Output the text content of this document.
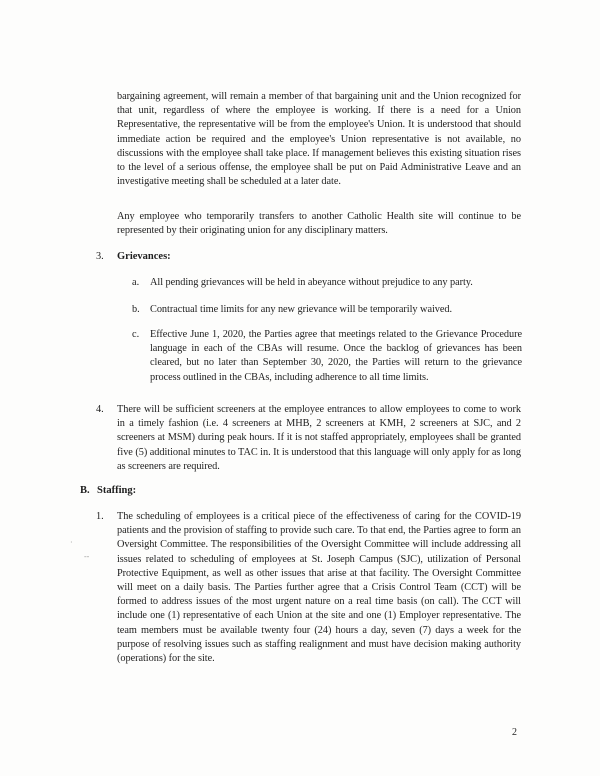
bargaining agreement, will remain a member of that bargaining unit and the Union recognized for that unit, regardless of where the employee is working. If there is a need for a Union Representative, the representative will be from the employee's Union. It is understood that should immediate action be required and the employee's Union representative is not available, no discussions with the employee shall take place. If management believes this existing situation rises to the level of a serious offense, the employee shall be put on Paid Administrative Leave and an investigative meeting shall be scheduled at a later date.
Any employee who temporarily transfers to another Catholic Health site will continue to be represented by their originating union for any disciplinary matters.
3. Grievances:
a. All pending grievances will be held in abeyance without prejudice to any party.
b. Contractual time limits for any new grievance will be temporarily waived.
c. Effective June 1, 2020, the Parties agree that meetings related to the Grievance Procedure language in each of the CBAs will resume. Once the backlog of grievances has been cleared, but no later than September 30, 2020, the Parties will return to the grievance process outlined in the CBAs, including adherence to all time limits.
4. There will be sufficient screeners at the employee entrances to allow employees to come to work in a timely fashion (i.e. 4 screeners at MHB, 2 screeners at KMH, 2 screeners at SJC, and 2 screeners at MSM) during peak hours. If it is not staffed appropriately, employees shall be granted five (5) additional minutes to TAC in. It is understood that this language will only apply for as long as screeners are required.
B. Staffing:
1. The scheduling of employees is a critical piece of the effectiveness of caring for the COVID-19 patients and the provision of staffing to provide such care. To that end, the Parties agree to form an Oversight Committee. The responsibilities of the Oversight Committee will include addressing all issues related to scheduling of employees at St. Joseph Campus (SJC), utilization of Personal Protective Equipment, as well as other issues that arise at that facility. The Oversight Committee will meet on a daily basis. The Parties further agree that a Crisis Control Team (CCT) will be formed to address issues of the most urgent nature on a real time basis (on call). The CCT will include one (1) representative of each Union at the site and one (1) Employer representative. The team members must be available twenty four (24) hours a day, seven (7) days a week for the purpose of resolving issues such as staffing realignment and must have decision making authority (operations) for the site.
·
--
2
